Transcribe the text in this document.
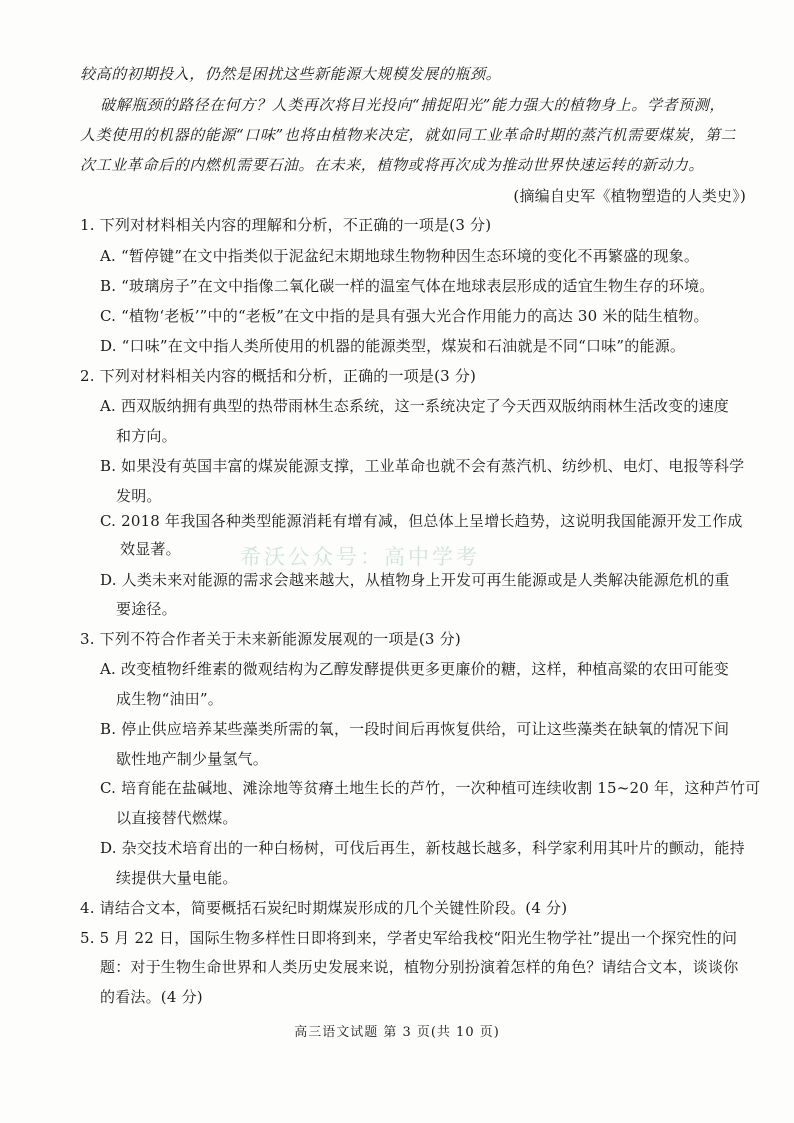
较高的初期投入，仍然是困扰这些新能源大规模发展的瓶颈。
破解瓶颈的路径在何方？人类再次将目光投向“捕捉阳光”能力强大的植物身上。学者预测，
人类使用的机器的能源“口味”也将由植物来决定，就如同工业革命时期的蒸汽机需要煤炭，第二
次工业革命后的内燃机需要石油。在未来，植物或将再次成为推动世界快速运转的新动力。
(摘编自史军《植物塑造的人类史》)
1. 下列对材料相关内容的理解和分析，不正确的一项是(3 分)
A. “暂停键”在文中指类似于泥盆纪末期地球生物物种因生态环境的变化不再繁盛的现象。
B. “玻璃房子”在文中指像二氧化碳一样的温室气体在地球表层形成的适宜生物生存的环境。
C. “植物‘老板’”中的“老板”在文中指的是具有强大光合作用能力的高达 30 米的陆生植物。
D. “口味”在文中指人类所使用的机器的能源类型，煤炭和石油就是不同“口味”的能源。
2. 下列对材料相关内容的概括和分析，正确的一项是(3 分)
A. 西双版纳拥有典型的热带雨林生态系统，这一系统决定了今天西双版纳雨林生活改变的速度
和方向。
B. 如果没有英国丰富的煤炭能源支撑，工业革命也就不会有蒸汽机、纺纱机、电灯、电报等科学
发明。
C. 2018 年我国各种类型能源消耗有增有减，但总体上呈增长趋势，这说明我国能源开发工作成
效显著。
D. 人类未来对能源的需求会越来越大，从植物身上开发可再生能源或是人类解决能源危机的重
要途径。
3. 下列不符合作者关于未来新能源发展观的一项是(3 分)
A. 改变植物纤维素的微观结构为乙醇发酵提供更多更廉价的糖，这样，种植高粱的农田可能变
成生物“油田”。
B. 停止供应培养某些藻类所需的氧，一段时间后再恢复供给，可让这些藻类在缺氧的情况下间
歇性地产制少量氢气。
C. 培育能在盐碱地、滩涂地等贫瘠土地生长的芦竹，一次种植可连续收割 15~20 年，这种芦竹可
以直接替代燃煤。
D. 杂交技术培育出的一种白杨树，可伐后再生，新枝越长越多，科学家利用其叶片的颤动，能持
续提供大量电能。
4. 请结合文本，简要概括石炭纪时期煤炭形成的几个关键性阶段。(4 分)
5. 5 月 22 日，国际生物多样性日即将到来，学者史军给我校“阳光生物学社”提出一个探究性的问
题：对于生物生命世界和人类历史发展来说，植物分别扮演着怎样的角色？请结合文本，谈谈你
的看法。(4 分)
高三语文试题 第 3 页(共 10 页)
希沃公众号：高中学考
